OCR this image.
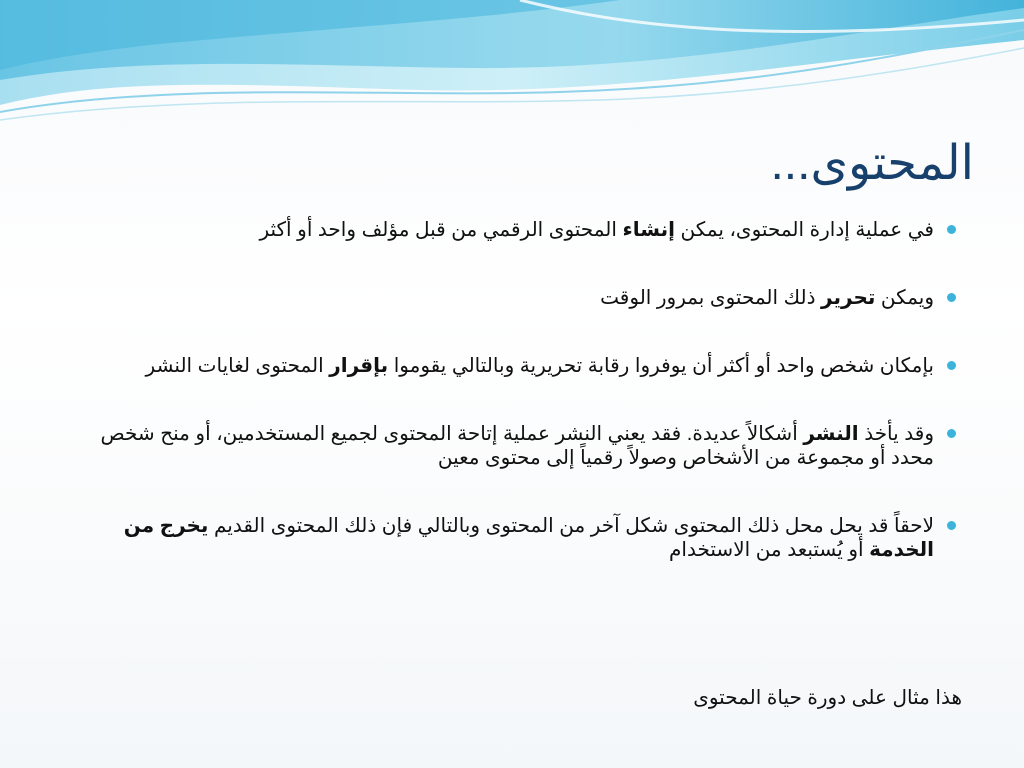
المحتوى...
في عملية إدارة المحتوى، يمكن إنشاء المحتوى الرقمي من قبل مؤلف واحد أو أكثر
ويمكن تحرير ذلك المحتوى بمرور الوقت
بإمكان شخص واحد أو أكثر أن يوفروا رقابة تحريرية وبالتالي يقوموا بإقرار المحتوى لغايات النشر
وقد يأخذ النشر أشكالاً عديدة. فقد يعني النشر عملية إتاحة المحتوى لجميع المستخدمين، أو منح شخص محدد أو مجموعة من الأشخاص وصولاً رقمياً إلى محتوى معين
لاحقاً قد يحل محل ذلك المحتوى شكل آخر من المحتوى وبالتالي فإن ذلك المحتوى القديم يخرج من الخدمة أو يُستبعد من الاستخدام

هذا مثال على دورة حياة المحتوى
